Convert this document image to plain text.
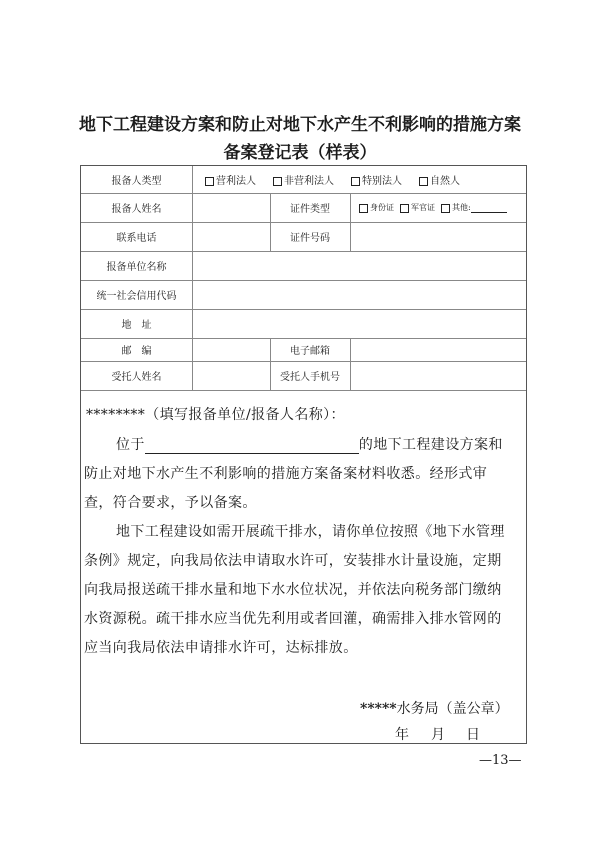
地下工程建设方案和防止对地下水产生不利影响的措施方案
备案登记表（样表）
报备人类型	营利法人	非营利法人	特别法人	自然人
报备人姓名	证件类型	身份证	军官证	其他:
联系电话	证件号码
报备单位名称
统一社会信用代码
地　址
邮　编	电子邮箱
受托人姓名	受托人手机号
********（填写报备单位/报备人名称）：
位于	的地下工程建设方案和
防止对地下水产生不利影响的措施方案备案材料收悉。经形式审
查，符合要求，予以备案。
地下工程建设如需开展疏干排水，请你单位按照《地下水管理
条例》规定，向我局依法申请取水许可，安装排水计量设施，定期
向我局报送疏干排水量和地下水水位状况，并依法向税务部门缴纳
水资源税。疏干排水应当优先利用或者回灌，确需排入排水管网的
应当向我局依法申请排水许可，达标排放。
*****水务局（盖公章）
年 月 日
—13—
